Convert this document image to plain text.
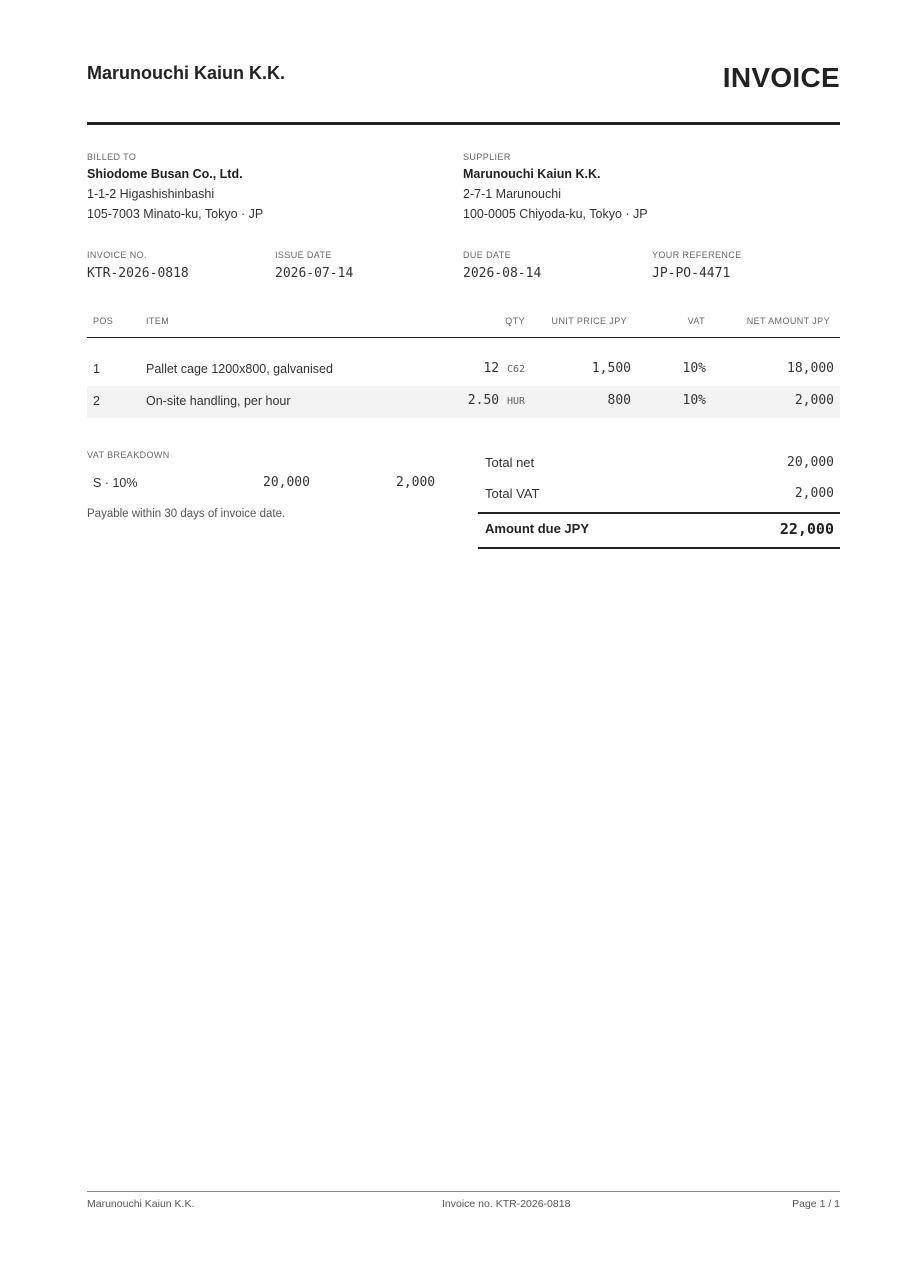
Marunouchi Kaiun K.K.	INVOICE
BILLED TO
Shiodome Busan Co., Ltd.
1-1-2 Higashishinbashi
105-7003 Minato-ku, Tokyo · JP
SUPPLIER
Marunouchi Kaiun K.K.
2-7-1 Marunouchi
100-0005 Chiyoda-ku, Tokyo · JP
INVOICE NO.
KTR-2026-0818
ISSUE DATE
2026-07-14
DUE DATE
2026-08-14
YOUR REFERENCE
JP-PO-4471
POS	ITEM	QTY	UNIT PRICE JPY	VAT	NET AMOUNT JPY
1	Pallet cage 1200x800, galvanised	12 C62	1,500	10%	18,000
2	On-site handling, per hour	2.50 HUR	800	10%	2,000
VAT BREAKDOWN
S · 10%	20,000	2,000
Payable within 30 days of invoice date.
Total net	20,000
Total VAT	2,000
Amount due JPY	22,000
Marunouchi Kaiun K.K.	Invoice no. KTR-2026-0818	Page 1 / 1
